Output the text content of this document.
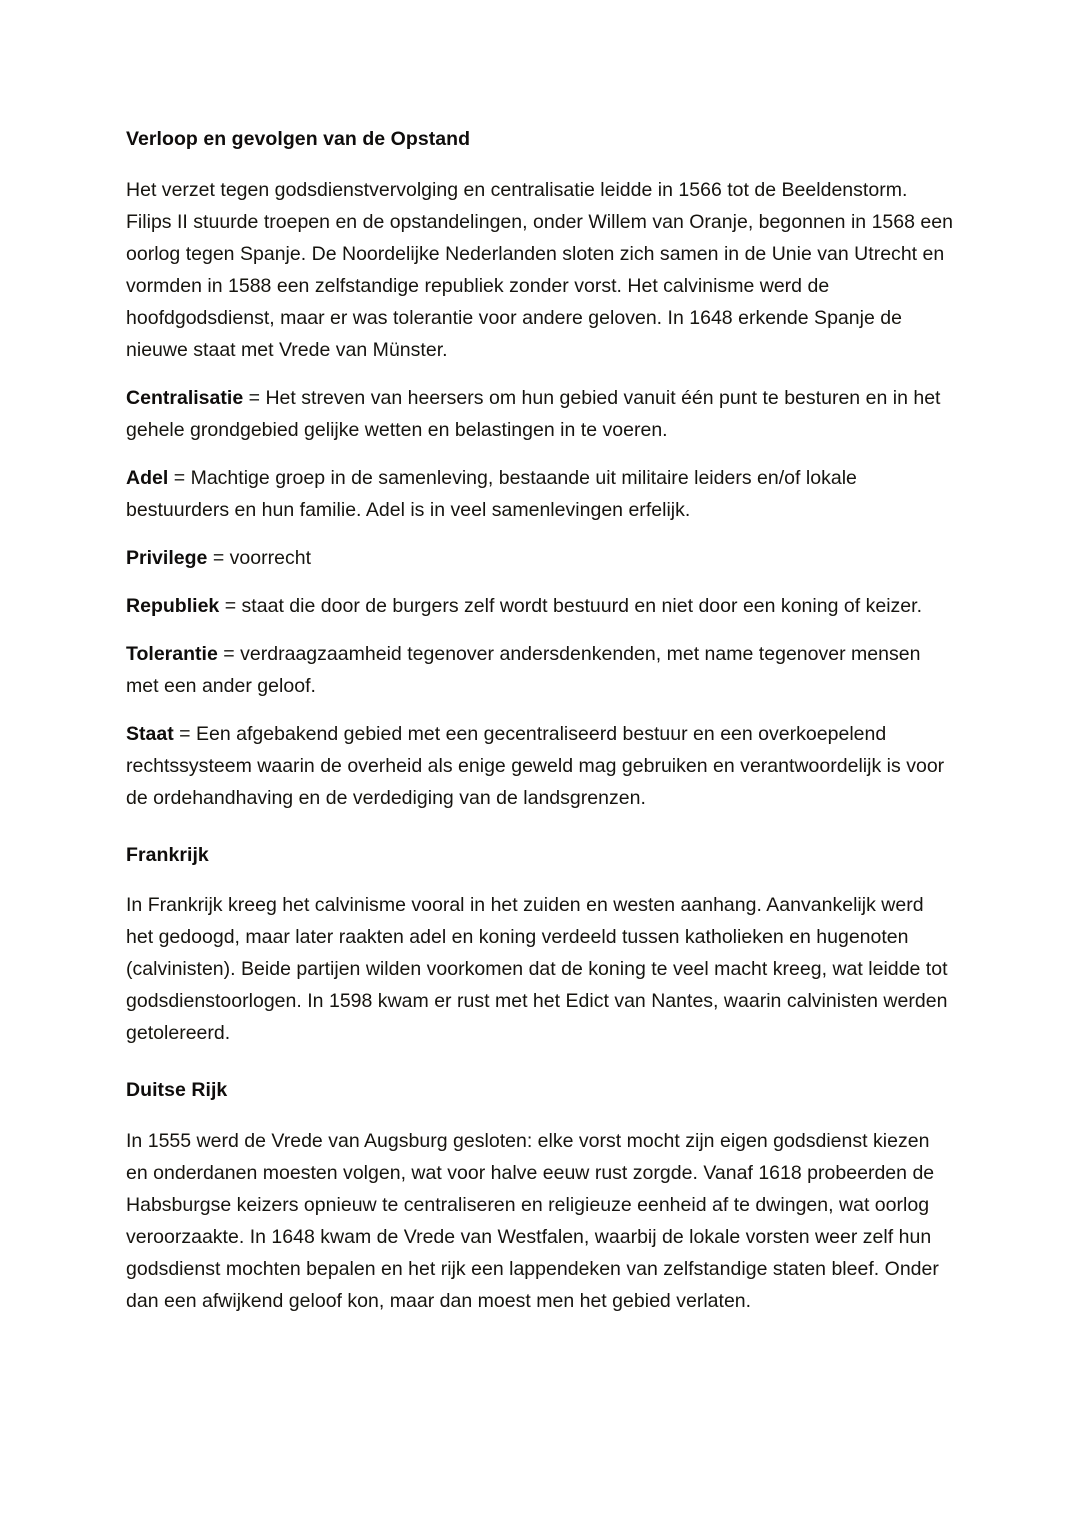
Verloop en gevolgen van de Opstand

Het verzet tegen godsdienstvervolging en centralisatie leidde in 1566 tot de Beeldenstorm. Filips II stuurde troepen en de opstandelingen, onder Willem van Oranje, begonnen in 1568 een oorlog tegen Spanje. De Noordelijke Nederlanden sloten zich samen in de Unie van Utrecht en vormden in 1588 een zelfstandige republiek zonder vorst. Het calvinisme werd de hoofdgodsdienst, maar er was tolerantie voor andere geloven. In 1648 erkende Spanje de nieuwe staat met Vrede van Münster.

Centralisatie = Het streven van heersers om hun gebied vanuit één punt te besturen en in het gehele grondgebied gelijke wetten en belastingen in te voeren.

Adel = Machtige groep in de samenleving, bestaande uit militaire leiders en/of lokale bestuurders en hun familie. Adel is in veel samenlevingen erfelijk.

Privilege = voorrecht

Republiek = staat die door de burgers zelf wordt bestuurd en niet door een koning of keizer.

Tolerantie = verdraagzaamheid tegenover andersdenkenden, met name tegenover mensen met een ander geloof.

Staat = Een afgebakend gebied met een gecentraliseerd bestuur en een overkoepelend rechtssysteem waarin de overheid als enige geweld mag gebruiken en verantwoordelijk is voor de ordehandhaving en de verdediging van de landsgrenzen.

Frankrijk

In Frankrijk kreeg het calvinisme vooral in het zuiden en westen aanhang. Aanvankelijk werd het gedoogd, maar later raakten adel en koning verdeeld tussen katholieken en hugenoten (calvinisten). Beide partijen wilden voorkomen dat de koning te veel macht kreeg, wat leidde tot godsdienstoorlogen. In 1598 kwam er rust met het Edict van Nantes, waarin calvinisten werden getolereerd.

Duitse Rijk

In 1555 werd de Vrede van Augsburg gesloten: elke vorst mocht zijn eigen godsdienst kiezen en onderdanen moesten volgen, wat voor halve eeuw rust zorgde. Vanaf 1618 probeerden de Habsburgse keizers opnieuw te centraliseren en religieuze eenheid af te dwingen, wat oorlog veroorzaakte. In 1648 kwam de Vrede van Westfalen, waarbij de lokale vorsten weer zelf hun godsdienst mochten bepalen en het rijk een lappendeken van zelfstandige staten bleef. Onder dan een afwijkend geloof kon, maar dan moest men het gebied verlaten.
